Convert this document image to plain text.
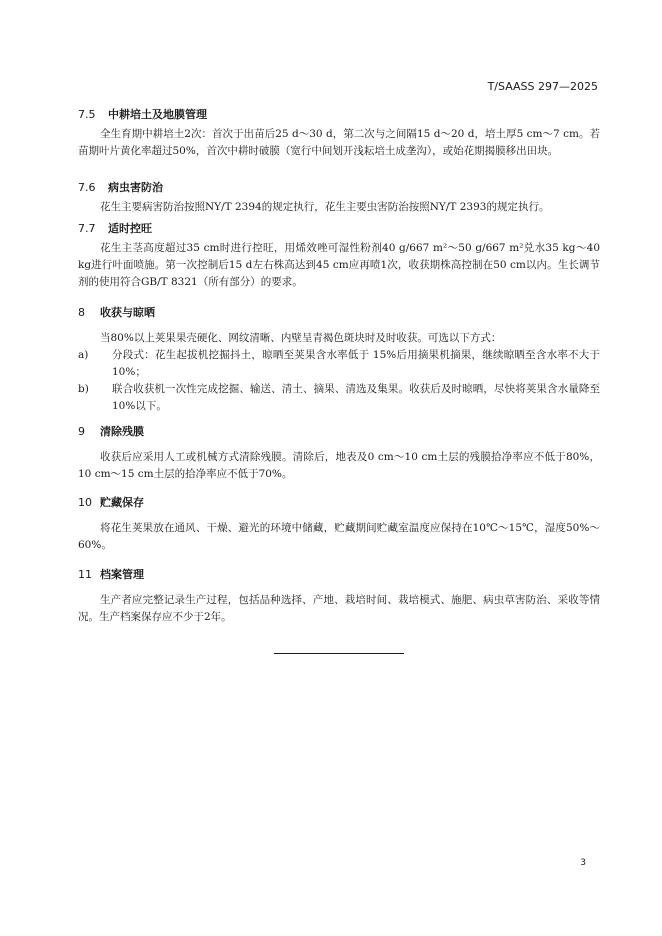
T/SAASS 297—2025
7.5 中耕培土及地膜管理

全生育期中耕培土2次：首次于出苗后25 d～30 d，第二次与之间隔15 d～20 d，培土厚5 cm～7 cm。若苗期叶片黄化率超过50%，首次中耕时破膜（宽行中间划开浅耘培土成垄沟），或始花期揭膜移出田块。

7.6 病虫害防治

花生主要病害防治按照NY/T 2394的规定执行，花生主要虫害防治按照NY/T 2393的规定执行。

7.7 适时控旺

花生主茎高度超过35 cm时进行控旺，用烯效唑可湿性粉剂40 g/667 m²～50 g/667 m²兑水35 kg～40 kg进行叶面喷施。第一次控制后15 d左右株高达到45 cm应再喷1次，收获期株高控制在50 cm以内。生长调节剂的使用符合GB/T 8321（所有部分）的要求。

8 收获与晾晒

当80%以上荚果果壳硬化、网纹清晰、内壁呈青褐色斑块时及时收获。可选以下方式：

a) 分段式：花生起拔机挖掘抖土，晾晒至荚果含水率低于 15%后用摘果机摘果，继续晾晒至含水率不大于 10%；
b) 联合收获机一次性完成挖掘、输送、清土、摘果、清选及集果。收获后及时晾晒，尽快将荚果含水量降至 10%以下。
9 清除残膜

收获后应采用人工或机械方式清除残膜。清除后，地表及0 cm～10 cm土层的残膜拾净率应不低于80%，10 cm～15 cm土层的拾净率应不低于70%。

10 贮藏保存

将花生荚果放在通风、干燥、避光的环境中储藏，贮藏期间贮藏室温度应保持在10℃～15℃，湿度50%～60%。

11 档案管理

生产者应完整记录生产过程，包括品种选择、产地、栽培时间、栽培模式、施肥、病虫草害防治、采收等情况。生产档案保存应不少于2年。

3
